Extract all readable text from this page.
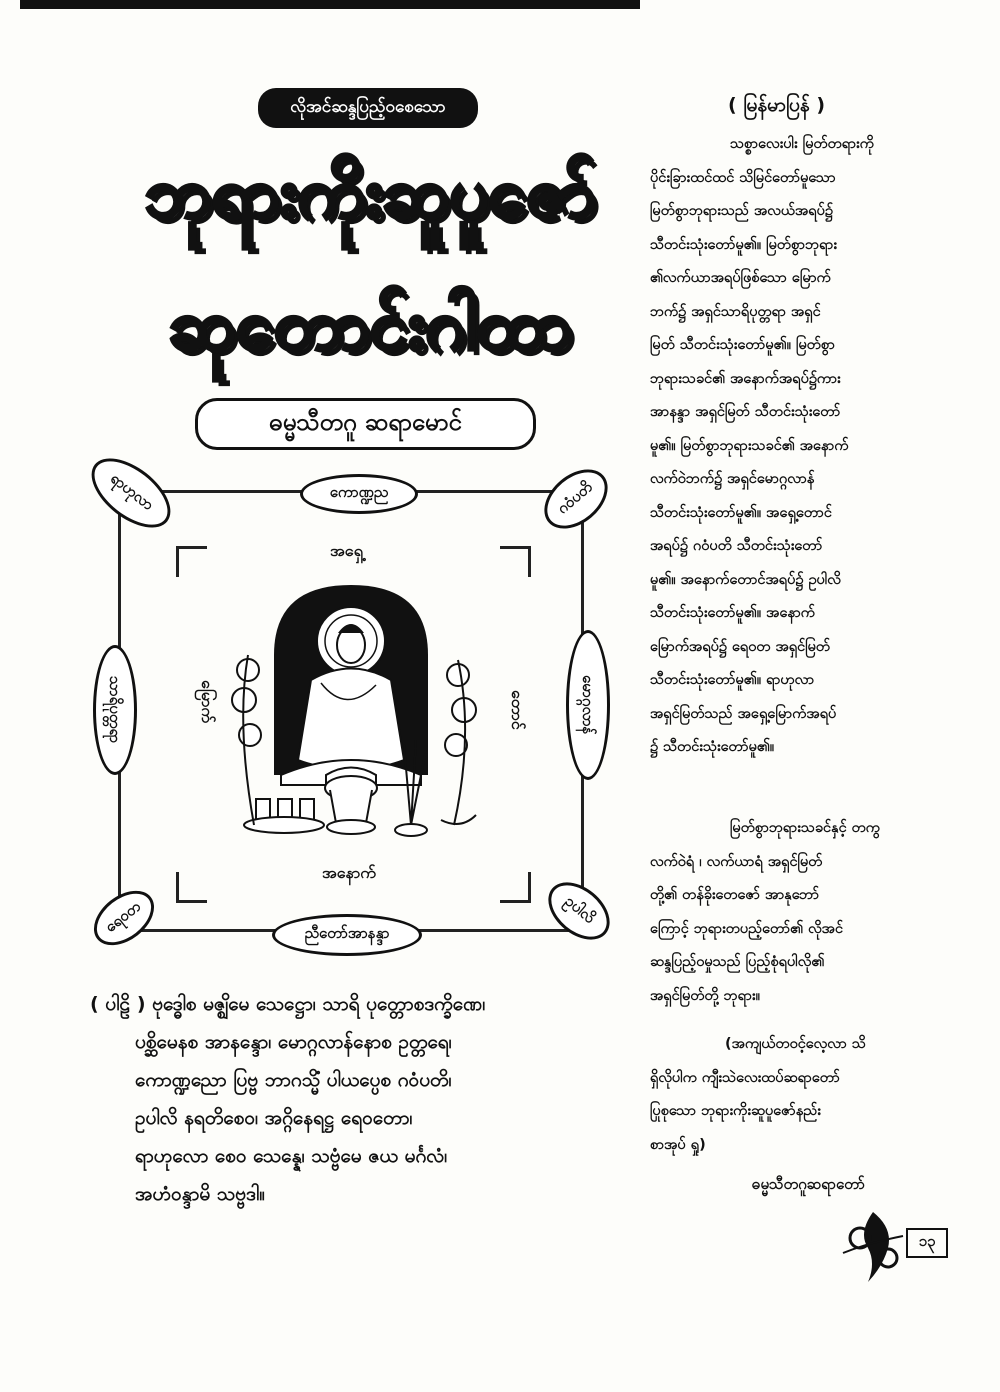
လိုအင်ဆန္ဒပြည့်ဝစေသော
ဘုရားကိုးဆူပူဇော်
ဆုတောင်းဂါထာ
ဓမ္မသီတဂူ ဆရာမောင်
ကောဏ္ဍည
ညီတော်အာနန္ဒာ
သာရိပုတ္တရာ	မောဂ္ဂလာန်
ရာဟုလာ	ဂဝံပတိ
ရေဝတ	ဥပါလိ
အရှေ့
အနောက်
မြောက်	တောင်
( ပါဠိ ) ဗုဒ္ဓေါစ မဇ္ဈိမေ သေဋ္ဌော၊ သာရိ ပုတ္တောစဒက္ခိဏေ၊
ပစ္ဆိမေနစ အာနန္ဒော၊ မောဂ္ဂလာန်နောစ ဥတ္တရေ၊
ကောဏ္ဍညော ပြဗ္ဗ ဘာဂသ္မိံ ပါယပ္ပေစ ဂဝံပတိ၊
ဥပါလိ နရတိစေဝ၊ အဂ္ဂိနေရဋ္ဌ ရေဝတော၊
ရာဟုလော စေဝ သေန္နေ၊ သဗ္ဗံမေ ဇယ မင်္ဂလံ၊
အဟံဝန္ဒာမိ သဗ္ဗဒါ။
( မြန်မာပြန် )
သစ္စာလေးပါး မြတ်တရားကို
ပိုင်းခြားထင်ထင် သိမြင်တော်မူသော
မြတ်စွာဘုရားသည် အလယ်အရပ်၌
သီတင်းသုံးတော်မူ၏။ မြတ်စွာဘုရား
၏လက်ယာအရပ်ဖြစ်သော မြောက်
ဘက်၌ အရှင်သာရိပုတ္တရာ အရှင်
မြတ် သီတင်းသုံးတော်မူ၏။ မြတ်စွာ
ဘုရားသခင်၏ အနောက်အရပ်၌ကား
အာနန္ဒာ အရှင်မြတ် သီတင်းသုံးတော်
မူ၏။ မြတ်စွာဘုရားသခင်၏ အနောက်
လက်ဝဲဘက်၌ အရှင်မောဂ္ဂလာန်
သီတင်းသုံးတော်မူ၏။ အရှေ့တောင်
အရပ်၌ ဂဝံပတိ သီတင်းသုံးတော်
မူ၏။ အနောက်တောင်အရပ်၌ ဥပါလိ
သီတင်းသုံးတော်မူ၏။ အနောက်
မြောက်အရပ်၌ ရေဝတ အရှင်မြတ်
သီတင်းသုံးတော်မူ၏။ ရာဟုလာ
အရှင်မြတ်သည် အရှေ့မြောက်အရပ်
၌ သီတင်းသုံးတော်မူ၏။
မြတ်စွာဘုရားသခင်နှင့် တကွ
လက်ဝဲရံ ၊ လက်ယာရံ အရှင်မြတ်
တို့၏ တန်ခိုးတေဇော် အာနုဘော်
ကြောင့် ဘုရားတပည့်တော်၏ လိုအင်
ဆန္ဒပြည့်ဝမှုသည် ပြည့်စုံရပါလို၏
အရှင်မြတ်တို့ ဘုရား။
(အကျယ်တဝင့်လေ့လာ သိ
ရှိလိုပါက ကျီးသဲလေးထပ်ဆရာတော်
ပြုစုသော ဘုရားကိုးဆူပူဇော်နည်း
စာအုပ် ရှု)
ဓမ္မသီတဂူဆရာတော်
၁၃
